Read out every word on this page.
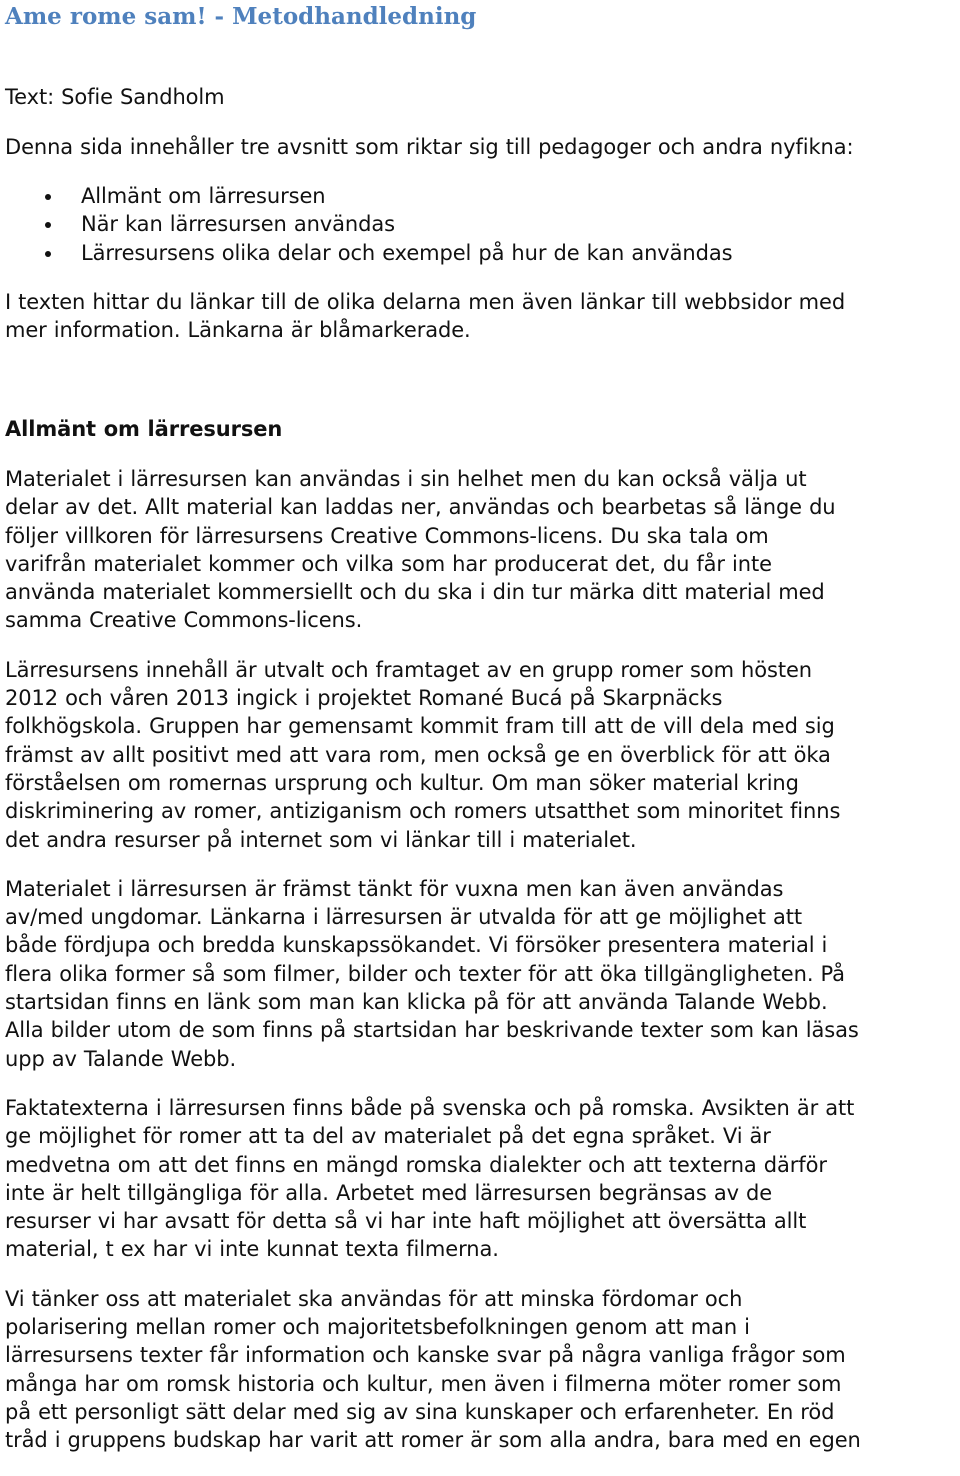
Ame rome sam! - Metodhandledning

Text: Sofie Sandholm

Denna sida innehåller tre avsnitt som riktar sig till pedagoger och andra nyfikna:

Allmänt om lärresursen
När kan lärresursen användas
Lärresursens olika delar och exempel på hur de kan användas

I texten hittar du länkar till de olika delarna men även länkar till webbsidor med
mer information. Länkarna är blåmarkerade.

Allmänt om lärresursen

Materialet i lärresursen kan användas i sin helhet men du kan också välja ut
delar av det. Allt material kan laddas ner, användas och bearbetas så länge du
följer villkoren för lärresursens Creative Commons-licens. Du ska tala om
varifrån materialet kommer och vilka som har producerat det, du får inte
använda materialet kommersiellt och du ska i din tur märka ditt material med
samma Creative Commons-licens.

Lärresursens innehåll är utvalt och framtaget av en grupp romer som hösten
2012 och våren 2013 ingick i projektet Romané Bucá på Skarpnäcks
folkhögskola. Gruppen har gemensamt kommit fram till att de vill dela med sig
främst av allt positivt med att vara rom, men också ge en överblick för att öka
förståelsen om romernas ursprung och kultur. Om man söker material kring
diskriminering av romer, antiziganism och romers utsatthet som minoritet finns
det andra resurser på internet som vi länkar till i materialet.

Materialet i lärresursen är främst tänkt för vuxna men kan även användas
av/med ungdomar. Länkarna i lärresursen är utvalda för att ge möjlighet att
både fördjupa och bredda kunskapssökandet. Vi försöker presentera material i
flera olika former så som filmer, bilder och texter för att öka tillgängligheten. På
startsidan finns en länk som man kan klicka på för att använda Talande Webb.
Alla bilder utom de som finns på startsidan har beskrivande texter som kan läsas
upp av Talande Webb.

Faktatexterna i lärresursen finns både på svenska och på romska. Avsikten är att
ge möjlighet för romer att ta del av materialet på det egna språket. Vi är
medvetna om att det finns en mängd romska dialekter och att texterna därför
inte är helt tillgängliga för alla. Arbetet med lärresursen begränsas av de
resurser vi har avsatt för detta så vi har inte haft möjlighet att översätta allt
material, t ex har vi inte kunnat texta filmerna.

Vi tänker oss att materialet ska användas för att minska fördomar och
polarisering mellan romer och majoritetsbefolkningen genom att man i
lärresursens texter får information och kanske svar på några vanliga frågor som
många har om romsk historia och kultur, men även i filmerna möter romer som
på ett personligt sätt delar med sig av sina kunskaper och erfarenheter. En röd
tråd i gruppens budskap har varit att romer är som alla andra, bara med en egen
